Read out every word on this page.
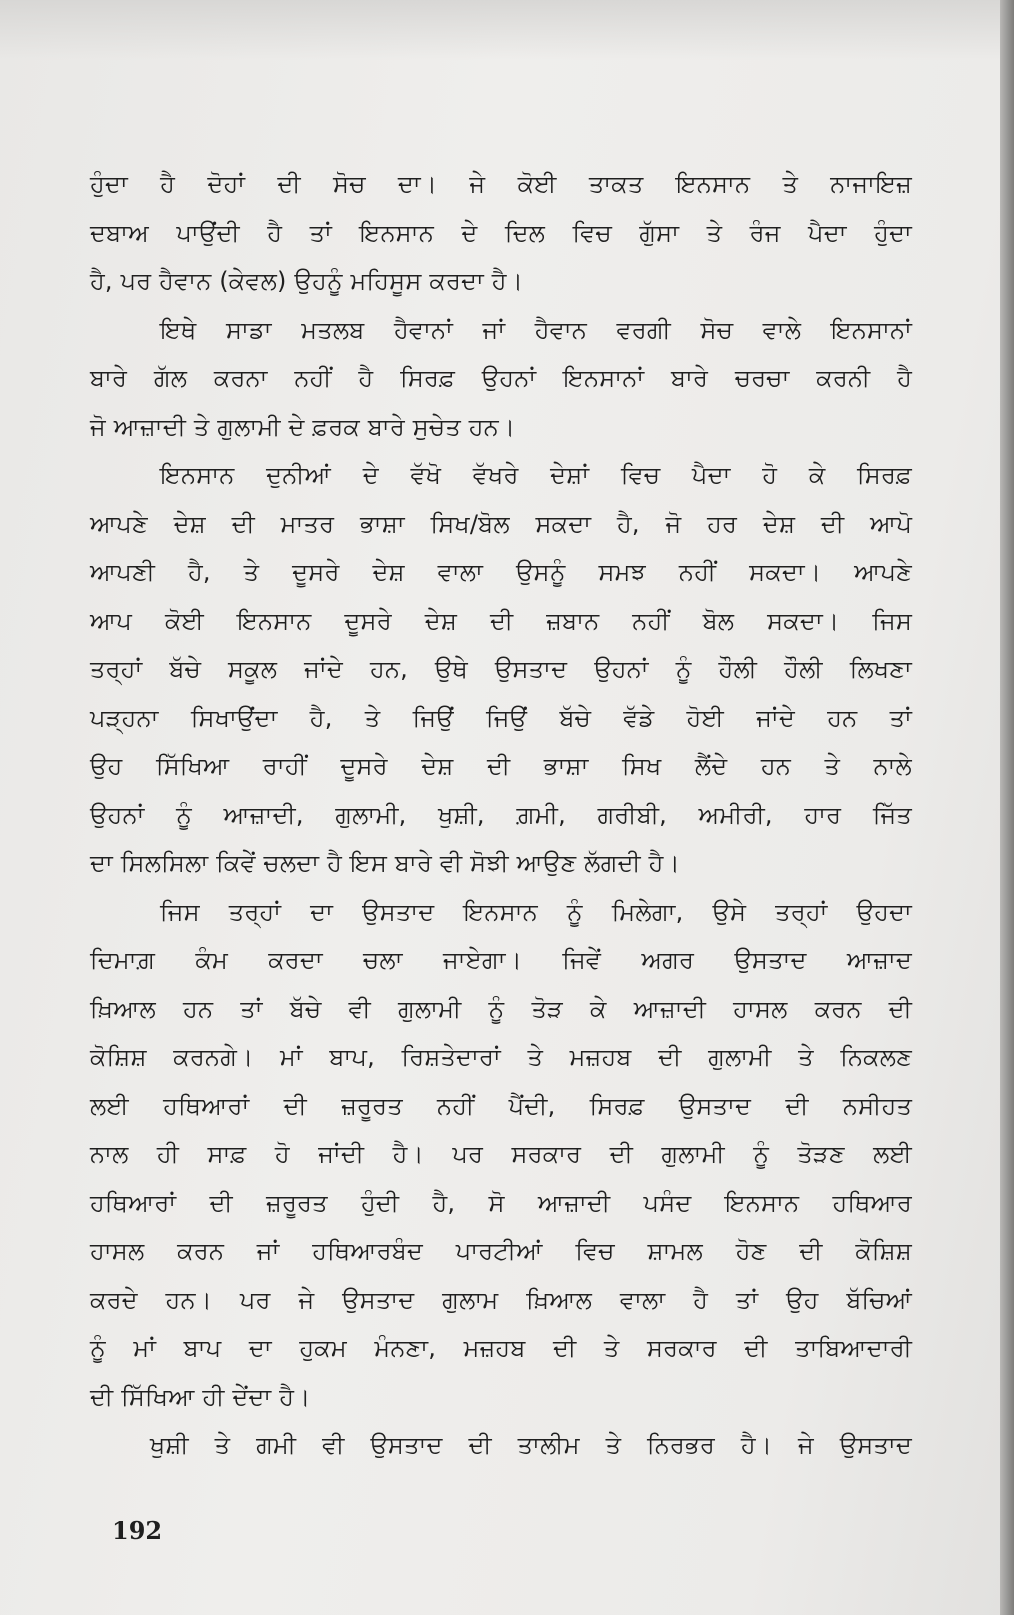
ਹੁੰਦਾ ਹੈ ਦੋਹਾਂ ਦੀ ਸੋਚ ਦਾ। ਜੇ ਕੋਈ ਤਾਕਤ ਇਨਸਾਨ ਤੇ ਨਾਜਾਇਜ਼
ਦਬਾਅ ਪਾਉਂਦੀ ਹੈ ਤਾਂ ਇਨਸਾਨ ਦੇ ਦਿਲ ਵਿਚ ਗੁੱਸਾ ਤੇ ਰੰਜ ਪੈਦਾ ਹੁੰਦਾ
ਹੈ, ਪਰ ਹੈਵਾਨ (ਕੇਵਲ) ਉਹਨੂੰ ਮਹਿਸੂਸ ਕਰਦਾ ਹੈ।
ਇਥੇ ਸਾਡਾ ਮਤਲਬ ਹੈਵਾਨਾਂ ਜਾਂ ਹੈਵਾਨ ਵਰਗੀ ਸੋਚ ਵਾਲੇ ਇਨਸਾਨਾਂ
ਬਾਰੇ ਗੱਲ ਕਰਨਾ ਨਹੀਂ ਹੈ ਸਿਰਫ਼ ਉਹਨਾਂ ਇਨਸਾਨਾਂ ਬਾਰੇ ਚਰਚਾ ਕਰਨੀ ਹੈ
ਜੋ ਆਜ਼ਾਦੀ ਤੇ ਗੁਲਾਮੀ ਦੇ ਫ਼ਰਕ ਬਾਰੇ ਸੁਚੇਤ ਹਨ।
ਇਨਸਾਨ ਦੁਨੀਆਂ ਦੇ ਵੱਖੋ ਵੱਖਰੇ ਦੇਸ਼ਾਂ ਵਿਚ ਪੈਦਾ ਹੋ ਕੇ ਸਿਰਫ਼
ਆਪਣੇ ਦੇਸ਼ ਦੀ ਮਾਤਰ ਭਾਸ਼ਾ ਸਿਖ/ਬੋਲ ਸਕਦਾ ਹੈ, ਜੋ ਹਰ ਦੇਸ਼ ਦੀ ਆਪੋ
ਆਪਣੀ ਹੈ, ਤੇ ਦੂਸਰੇ ਦੇਸ਼ ਵਾਲਾ ਉਸਨੂੰ ਸਮਝ ਨਹੀਂ ਸਕਦਾ। ਆਪਣੇ
ਆਪ ਕੋਈ ਇਨਸਾਨ ਦੂਸਰੇ ਦੇਸ਼ ਦੀ ਜ਼ਬਾਨ ਨਹੀਂ ਬੋਲ ਸਕਦਾ। ਜਿਸ
ਤਰ੍ਹਾਂ ਬੱਚੇ ਸਕੂਲ ਜਾਂਦੇ ਹਨ, ਉਥੇ ਉਸਤਾਦ ਉਹਨਾਂ ਨੂੰ ਹੌਲੀ ਹੌਲੀ ਲਿਖਣਾ
ਪੜ੍ਹਨਾ ਸਿਖਾਉਂਦਾ ਹੈ, ਤੇ ਜਿਉਂ ਜਿਉਂ ਬੱਚੇ ਵੱਡੇ ਹੋਈ ਜਾਂਦੇ ਹਨ ਤਾਂ
ਉਹ ਸਿੱਖਿਆ ਰਾਹੀਂ ਦੂਸਰੇ ਦੇਸ਼ ਦੀ ਭਾਸ਼ਾ ਸਿਖ ਲੈਂਦੇ ਹਨ ਤੇ ਨਾਲੇ
ਉਹਨਾਂ ਨੂੰ ਆਜ਼ਾਦੀ, ਗੁਲਾਮੀ, ਖੁਸ਼ੀ, ਗ਼ਮੀ, ਗਰੀਬੀ, ਅਮੀਰੀ, ਹਾਰ ਜਿੱਤ
ਦਾ ਸਿਲਸਿਲਾ ਕਿਵੇਂ ਚਲਦਾ ਹੈ ਇਸ ਬਾਰੇ ਵੀ ਸੋਝੀ ਆਉਣ ਲੱਗਦੀ ਹੈ।
ਜਿਸ ਤਰ੍ਹਾਂ ਦਾ ਉਸਤਾਦ ਇਨਸਾਨ ਨੂੰ ਮਿਲੇਗਾ, ਉਸੇ ਤਰ੍ਹਾਂ ਉਹਦਾ
ਦਿਮਾਗ਼ ਕੰਮ ਕਰਦਾ ਚਲਾ ਜਾਏਗਾ। ਜਿਵੇਂ ਅਗਰ ਉਸਤਾਦ ਆਜ਼ਾਦ
ਖ਼ਿਆਲ ਹਨ ਤਾਂ ਬੱਚੇ ਵੀ ਗੁਲਾਮੀ ਨੂੰ ਤੋੜ ਕੇ ਆਜ਼ਾਦੀ ਹਾਸਲ ਕਰਨ ਦੀ
ਕੋਸ਼ਿਸ਼ ਕਰਨਗੇ। ਮਾਂ ਬਾਪ, ਰਿਸ਼ਤੇਦਾਰਾਂ ਤੇ ਮਜ਼ਹਬ ਦੀ ਗੁਲਾਮੀ ਤੇ ਨਿਕਲਣ
ਲਈ ਹਥਿਆਰਾਂ ਦੀ ਜ਼ਰੂਰਤ ਨਹੀਂ ਪੈਂਦੀ, ਸਿਰਫ਼ ਉਸਤਾਦ ਦੀ ਨਸੀਹਤ
ਨਾਲ ਹੀ ਸਾਫ਼ ਹੋ ਜਾਂਦੀ ਹੈ। ਪਰ ਸਰਕਾਰ ਦੀ ਗੁਲਾਮੀ ਨੂੰ ਤੋੜਣ ਲਈ
ਹਥਿਆਰਾਂ ਦੀ ਜ਼ਰੂਰਤ ਹੁੰਦੀ ਹੈ, ਸੋ ਆਜ਼ਾਦੀ ਪਸੰਦ ਇਨਸਾਨ ਹਥਿਆਰ
ਹਾਸਲ ਕਰਨ ਜਾਂ ਹਥਿਆਰਬੰਦ ਪਾਰਟੀਆਂ ਵਿਚ ਸ਼ਾਮਲ ਹੋਣ ਦੀ ਕੋਸ਼ਿਸ਼
ਕਰਦੇ ਹਨ। ਪਰ ਜੇ ਉਸਤਾਦ ਗੁਲਾਮ ਖ਼ਿਆਲ ਵਾਲਾ ਹੈ ਤਾਂ ਉਹ ਬੱਚਿਆਂ
ਨੂੰ ਮਾਂ ਬਾਪ ਦਾ ਹੁਕਮ ਮੰਨਣਾ, ਮਜ਼ਹਬ ਦੀ ਤੇ ਸਰਕਾਰ ਦੀ ਤਾਬਿਆਦਾਰੀ
ਦੀ ਸਿੱਖਿਆ ਹੀ ਦੇਂਦਾ ਹੈ।
ਖੁਸ਼ੀ ਤੇ ਗਮੀ ਵੀ ਉਸਤਾਦ ਦੀ ਤਾਲੀਮ ਤੇ ਨਿਰਭਰ ਹੈ। ਜੇ ਉਸਤਾਦ
192
